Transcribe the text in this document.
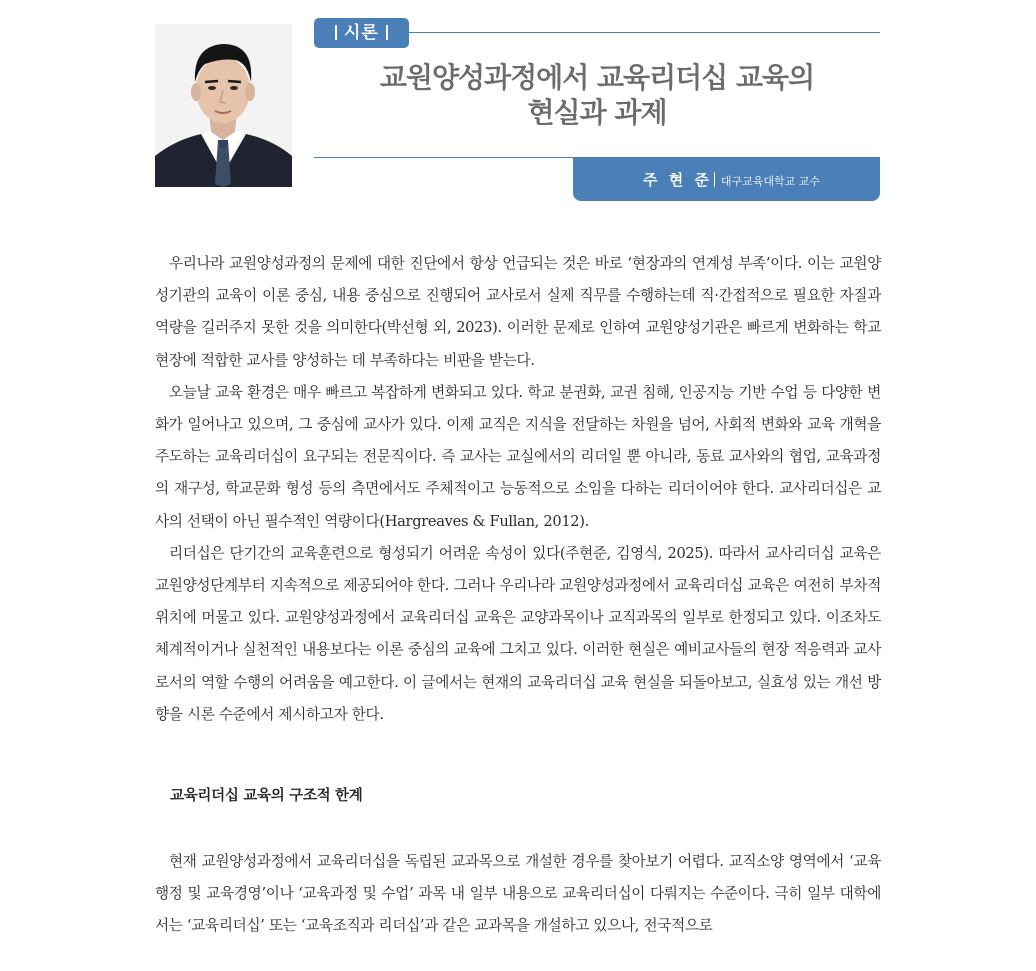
시론
교원양성과정에서 교육리더십 교육의
현실과 과제
주 현 준 대구교육대학교 교수

우리나라 교원양성과정의 문제에 대한 진단에서 항상 언급되는 것은 바로 ‘현장과의 연계성 부족’이다. 이는 교원양성기관의 교육이 이론 중심, 내용 중심으로 진행되어 교사로서 실제 직무를 수행하는데 직·간접적으로 필요한 자질과 역량을 길러주지 못한 것을 의미한다(박선형 외, 2023). 이러한 문제로 인하여 교원양성기관은 빠르게 변화하는 학교 현장에 적합한 교사를 양성하는 데 부족하다는 비판을 받는다.

오늘날 교육 환경은 매우 빠르고 복잡하게 변화되고 있다. 학교 분권화, 교권 침해, 인공지능 기반 수업 등 다양한 변화가 일어나고 있으며, 그 중심에 교사가 있다. 이제 교직은 지식을 전달하는 차원을 넘어, 사회적 변화와 교육 개혁을 주도하는 교육리더십이 요구되는 전문직이다. 즉 교사는 교실에서의 리더일 뿐 아니라, 동료 교사와의 협업, 교육과정의 재구성, 학교문화 형성 등의 측면에서도 주체적이고 능동적으로 소임을 다하는 리더이어야 한다. 교사리더십은 교사의 선택이 아닌 필수적인 역량이다(Hargreaves & Fullan, 2012).

리더십은 단기간의 교육훈련으로 형성되기 어려운 속성이 있다(주현준, 김영식, 2025). 따라서 교사리더십 교육은 교원양성단계부터 지속적으로 제공되어야 한다. 그러나 우리나라 교원양성과정에서 교육리더십 교육은 여전히 부차적 위치에 머물고 있다. 교원양성과정에서 교육리더십 교육은 교양과목이나 교직과목의 일부로 한정되고 있다. 이조차도 체계적이거나 실천적인 내용보다는 이론 중심의 교육에 그치고 있다. 이러한 현실은 예비교사들의 현장 적응력과 교사로서의 역할 수행의 어려움을 예고한다. 이 글에서는 현재의 교육리더십 교육 현실을 되돌아보고, 실효성 있는 개선 방향을 시론 수준에서 제시하고자 한다.

교육리더십 교육의 구조적 한계

현재 교원양성과정에서 교육리더십을 독립된 교과목으로 개설한 경우를 찾아보기 어렵다. 교직소양 영역에서 ‘교육행정 및 교육경영’이나 ‘교육과정 및 수업’ 과목 내 일부 내용으로 교육리더십이 다뤄지는 수준이다. 극히 일부 대학에서는 ‘교육리더십’ 또는 ‘교육조직과 리더십’과 같은 교과목을 개설하고 있으나, 전국적으로
